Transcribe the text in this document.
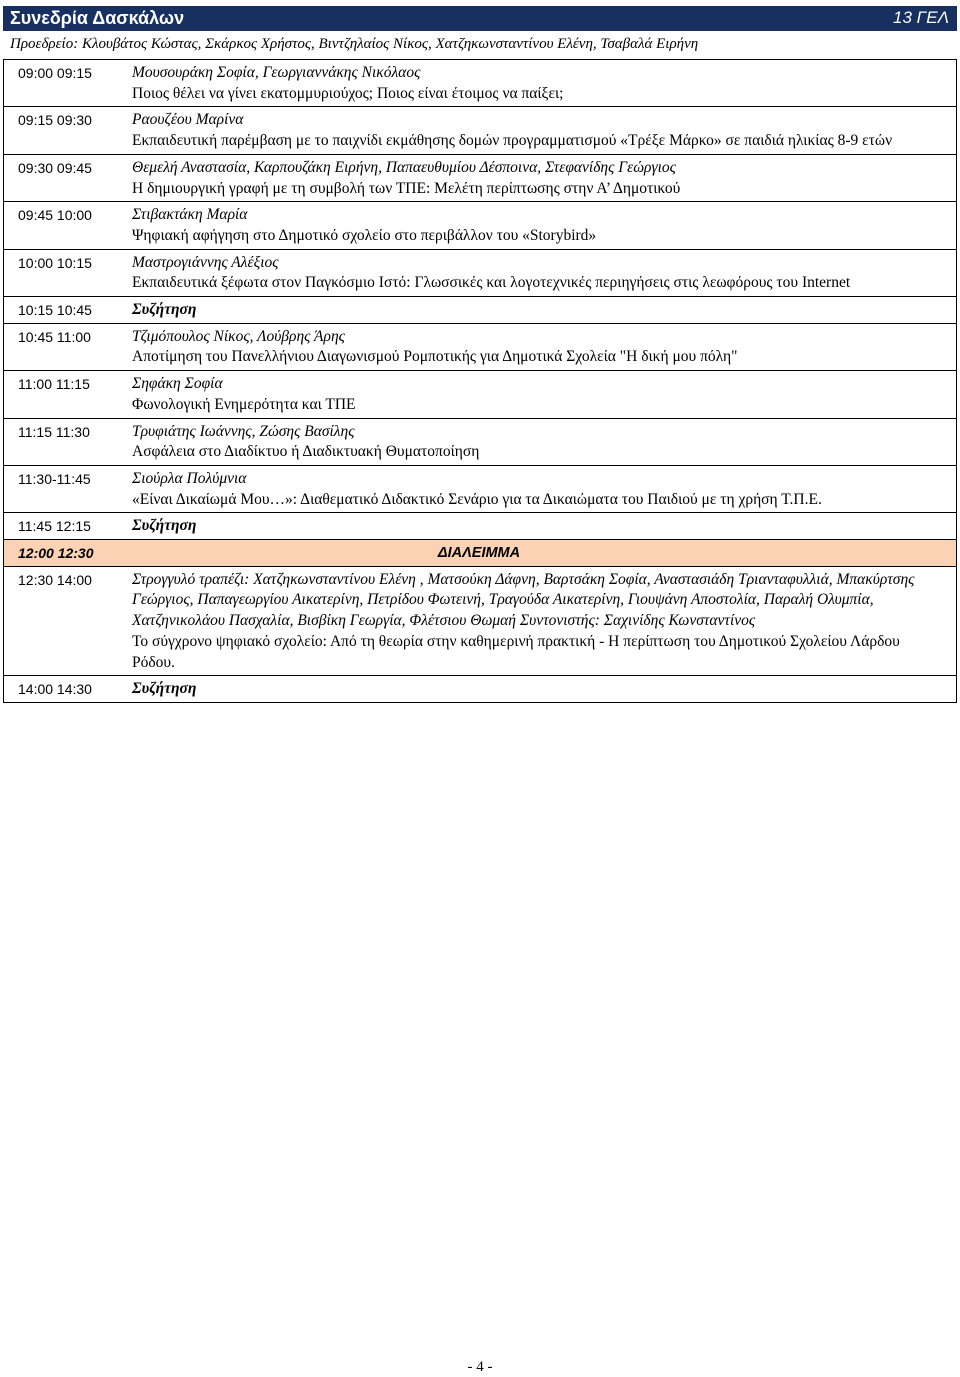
Συνεδρία Δασκάλων	13 ΓΕΛ
Προεδρείο: Κλουβάτος Κώστας, Σκάρκος Χρήστος, Βιντζηλαίος Νίκος, Χατζηκωνσταντίνου Ελένη, Τσαβαλά Ειρήνη
09:00 09:15	Μουσουράκη Σοφία, Γεωργιαννάκης Νικόλαος
Ποιος θέλει να γίνει εκατομμυριούχος; Ποιος είναι έτοιμος να παίξει;
09:15 09:30	Ραουζέου Μαρίνα
Εκπαιδευτική παρέμβαση με το παιχνίδι εκμάθησης δομών προγραμματισμού «Τρέξε Μάρκο» σε παιδιά ηλικίας 8-9 ετών
09:30 09:45	Θεμελή Αναστασία, Καρπουζάκη Ειρήνη, Παπαευθυμίου Δέσποινα, Στεφανίδης Γεώργιος
Η δημιουργική γραφή με τη συμβολή των ΤΠΕ: Μελέτη περίπτωσης στην Α’ Δημοτικού
09:45 10:00	Στιβακτάκη Μαρία
Ψηφιακή αφήγηση στο Δημοτικό σχολείο στο περιβάλλον του «Storybird»
10:00 10:15	Μαστρογιάννης Αλέξιος
Εκπαιδευτικά ξέφωτα στον Παγκόσμιο Ιστό: Γλωσσικές και λογοτεχνικές περιηγήσεις στις λεωφόρους του Internet
10:15 10:45	Συζήτηση
10:45 11:00	Τζιμόπουλος Νίκος, Λούβρης Άρης
Αποτίμηση του Πανελλήνιου Διαγωνισμού Ρομποτικής για Δημοτικά Σχολεία "Η δική μου πόλη"
11:00 11:15	Σηφάκη Σοφία
Φωνολογική Ενημερότητα και ΤΠΕ
11:15 11:30	Τρυφιάτης Ιωάννης, Ζώσης Βασίλης
Ασφάλεια στο Διαδίκτυο ή Διαδικτυακή Θυματοποίηση
11:30-11:45	Σιούρλα Πολύμνια
«Είναι Δικαίωμά Μου…»: Διαθεματικό Διδακτικό Σενάριο για τα Δικαιώματα του Παιδιού με τη χρήση Τ.Π.Ε.
11:45 12:15	Συζήτηση
12:00 12:30	ΔΙΑΛΕΙΜΜΑ
12:30 14:00	Στρογγυλό τραπέζι: Χατζηκωνσταντίνου Ελένη , Ματσούκη Δάφνη, Βαρτσάκη Σοφία, Αναστασιάδη Τριανταφυλλιά, Μπακύρτσης Γεώργιος, Παπαγεωργίου Αικατερίνη, Πετρίδου Φωτεινή, Τραγούδα Αικατερίνη, Γιουψάνη Αποστολία, Παραλή Ολυμπία, Χατζηνικολάου Πασχαλία, Βισβίκη Γεωργία, Φλέτσιου Θωμαή Συντονιστής: Σαχινίδης Κωνσταντίνος
Το σύγχρονο ψηφιακό σχολείο: Από τη θεωρία στην καθημερινή πρακτική - Η περίπτωση του Δημοτικού Σχολείου Λάρδου Ρόδου.
14:00 14:30	Συζήτηση
- 4 -
